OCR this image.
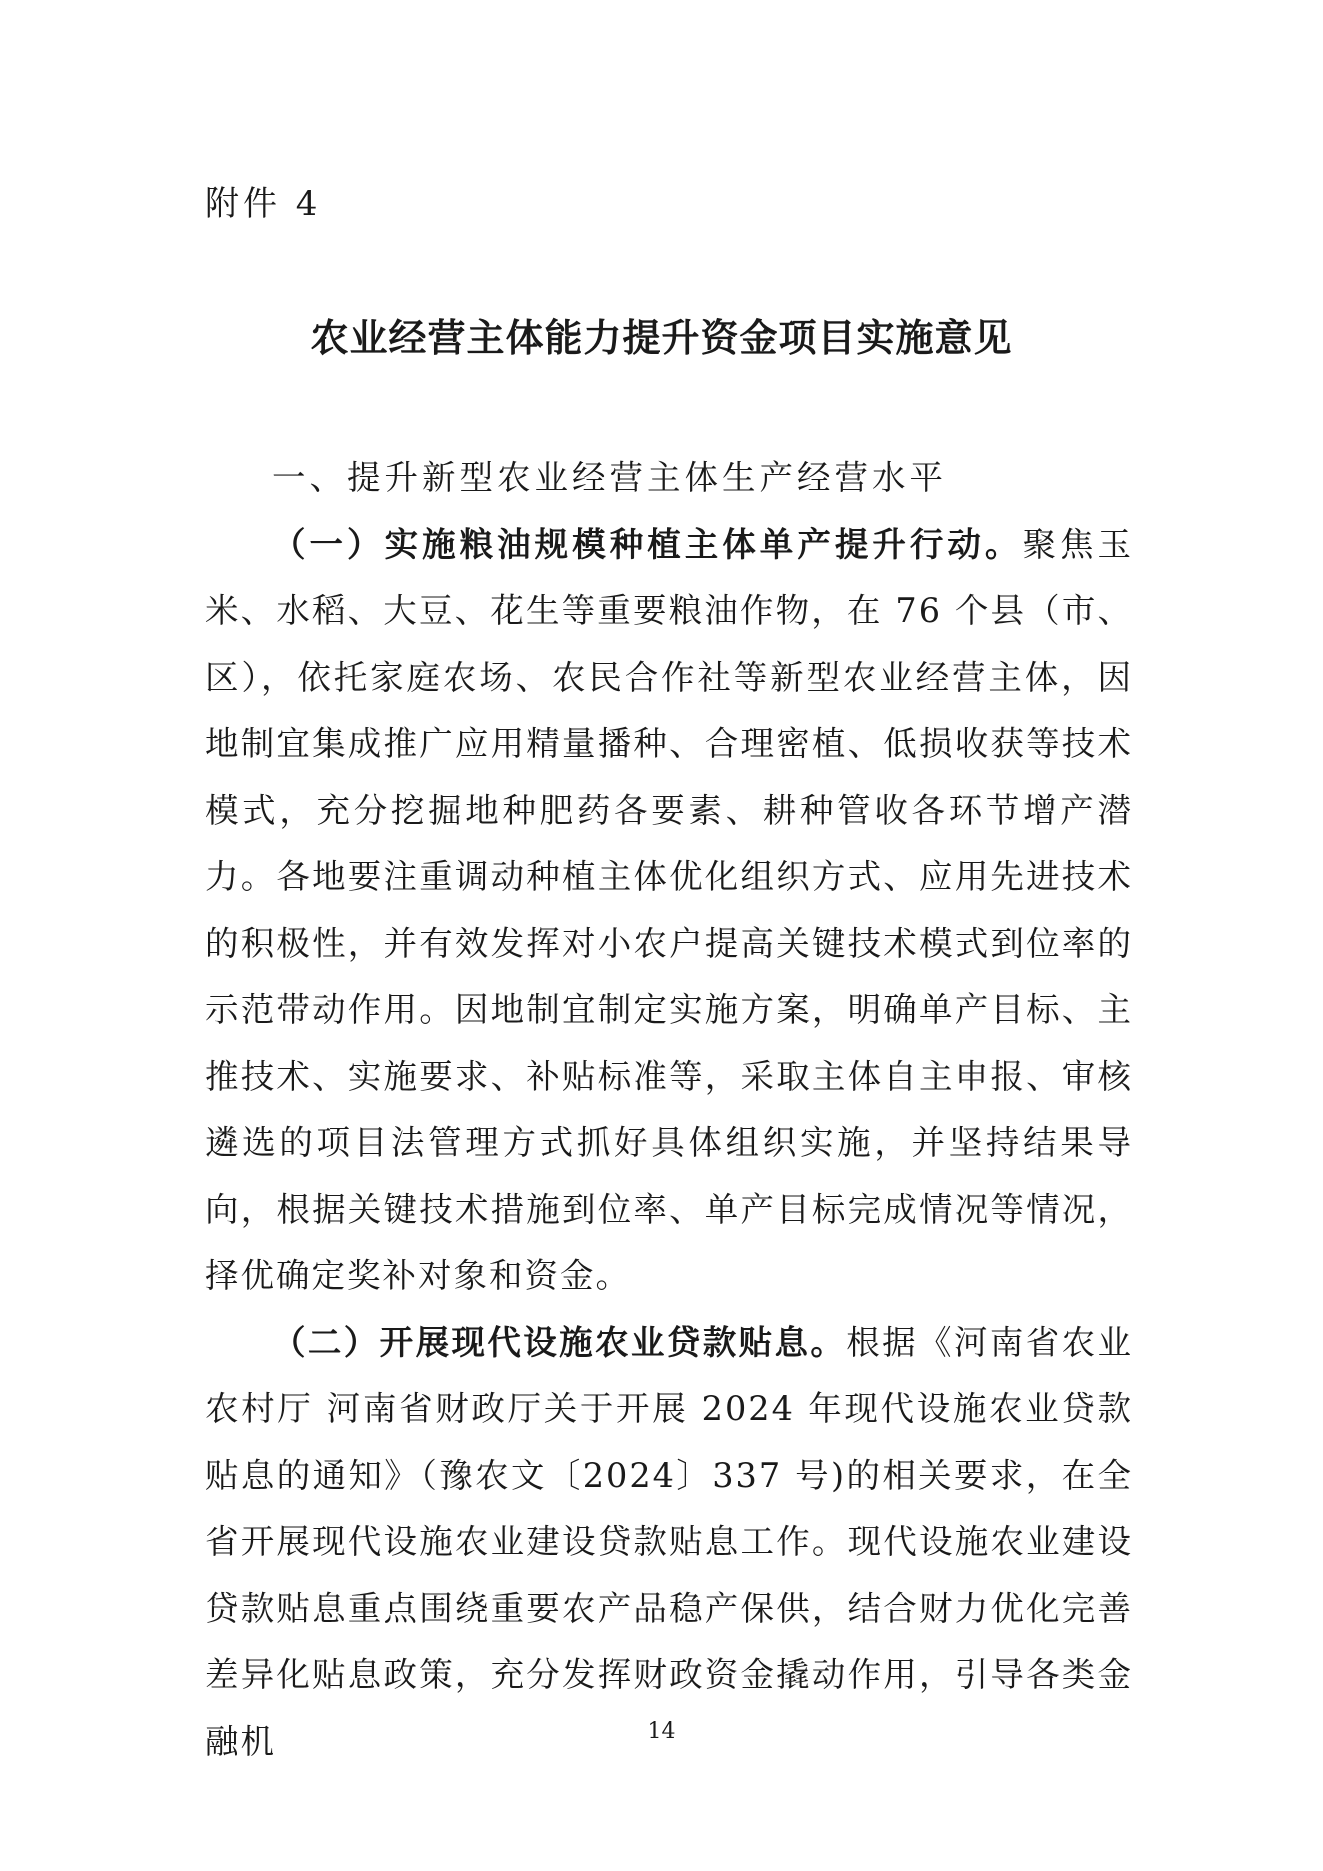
附件 4
农业经营主体能力提升资金项目实施意见

一、提升新型农业经营主体生产经营水平

（一）实施粮油规模种植主体单产提升行动。聚焦玉米、水稻、大豆、花生等重要粮油作物，在 76 个县（市、区），依托家庭农场、农民合作社等新型农业经营主体，因地制宜集成推广应用精量播种、合理密植、低损收获等技术模式，充分挖掘地种肥药各要素、耕种管收各环节增产潜力。各地要注重调动种植主体优化组织方式、应用先进技术的积极性，并有效发挥对小农户提高关键技术模式到位率的示范带动作用。因地制宜制定实施方案，明确单产目标、主推技术、实施要求、补贴标准等，采取主体自主申报、审核遴选的项目法管理方式抓好具体组织实施，并坚持结果导向，根据关键技术措施到位率、单产目标完成情况等情况，择优确定奖补对象和资金。

（二）开展现代设施农业贷款贴息。根据《河南省农业农村厅 河南省财政厅关于开展 2024 年现代设施农业贷款贴息的通知》（豫农文〔2024〕337 号)的相关要求，在全省开展现代设施农业建设贷款贴息工作。现代设施农业建设贷款贴息重点围绕重要农产品稳产保供，结合财力优化完善差异化贴息政策，充分发挥财政资金撬动作用，引导各类金融机	14
